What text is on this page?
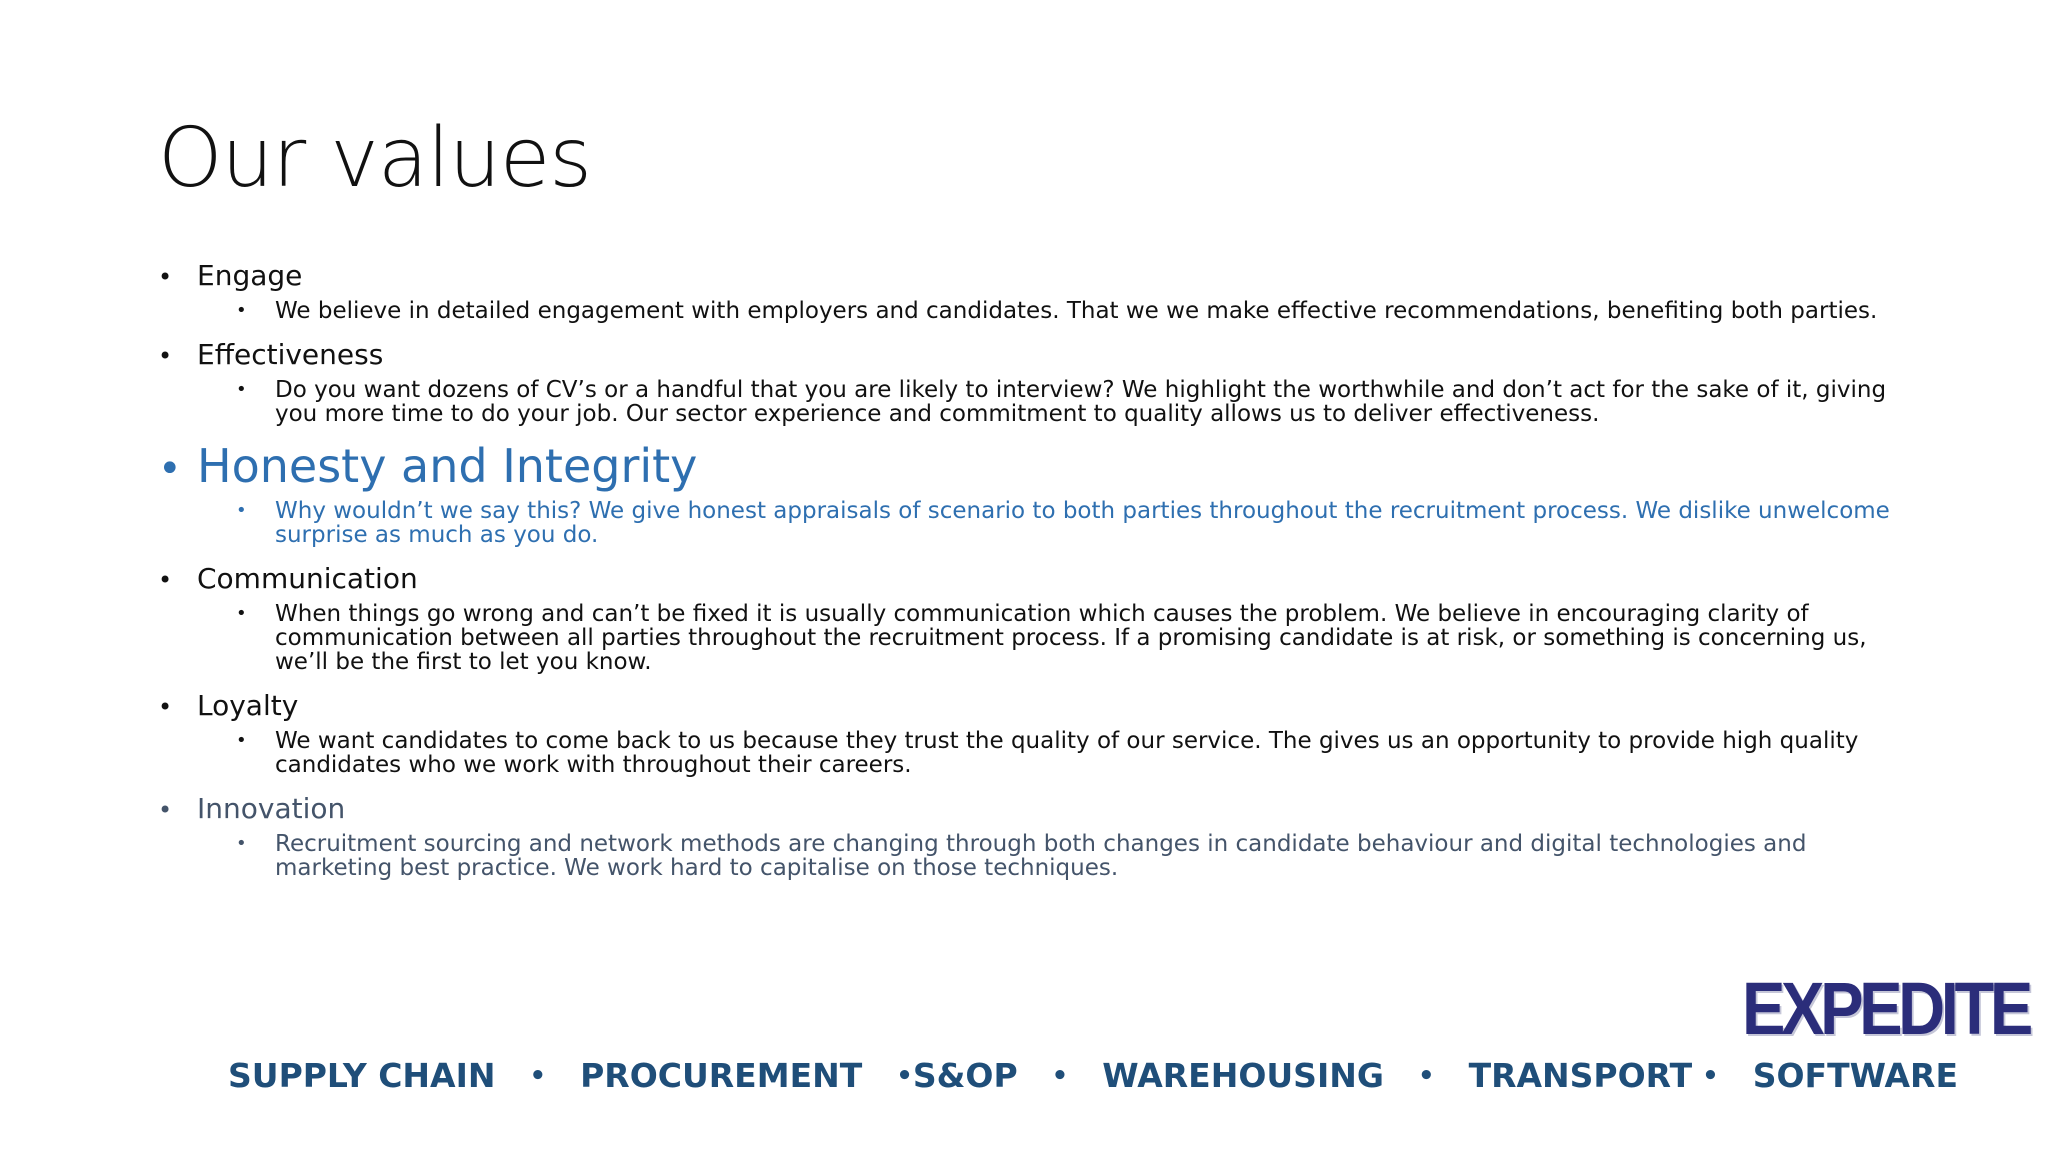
Our values
• Engage
•	We believe in detailed engagement with employers and candidates. That we we make effective recommendations, benefiting both parties.
• Effectiveness
•	Do you want dozens of CV’s or a handful that you are likely to interview? We highlight the worthwhile and don’t act for the sake of it, giving you more time to do your job. Our sector experience and commitment to quality allows us to deliver effectiveness.
• Honesty and Integrity
•	Why wouldn’t we say this? We give honest appraisals of scenario to both parties throughout the recruitment process. We dislike unwelcome surprise as much as you do.
• Communication
•	When things go wrong and can’t be fixed it is usually communication which causes the problem. We believe in encouraging clarity of communication between all parties throughout the recruitment process. If a promising candidate is at risk, or something is concerning us, we’ll be the first to let you know.
• Loyalty
•	We want candidates to come back to us because they trust the quality of our service. The gives us an opportunity to provide high quality candidates who we work with throughout their careers.
• Innovation
•	Recruitment sourcing and network methods are changing through both changes in candidate behaviour and digital technologies and marketing best practice. We work hard to capitalise on those techniques.
EXPEDITE
SUPPLY CHAIN	•	PROCUREMENT	• S&OP	•	WAREHOUSING	•	TRANSPORT •	SOFTWARE
